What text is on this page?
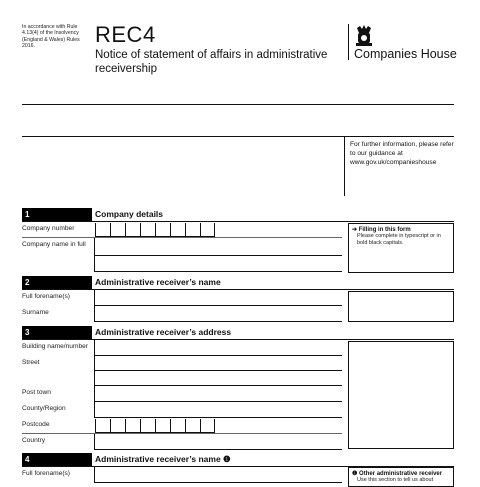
In accordance with Rule 4.13(4) of the Insolvency (England & Wales) Rules 2016.	REC4
Notice of statement of affairs in administrative receivership
Companies House
For further information, please refer to our guidance at www.gov.uk/companieshouse
1	Company details
Company number
Company name in full
➔ Filling in this form
Please complete in typescript or in bold black capitals.
2	Administrative receiver’s name
Full forename(s)
Surname
3	Administrative receiver’s address
Building name/number
Street
Post town
County/Region
Postcode
Country
4	Administrative receiver’s name ❶
Full forename(s)	❶ Other administrative receiver
Use this section to tell us about
